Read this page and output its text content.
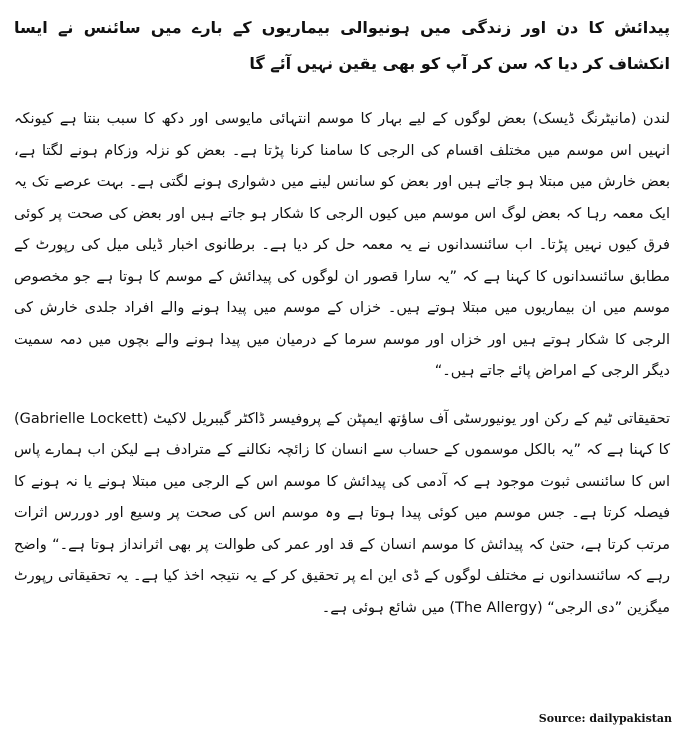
پیدائش کا دن اور زندگی میں ہونیوالی بیماریوں کے بارے میں سائنس نے ایسا انکشاف کر دیا کہ سن کر آپ کو بھی یقین نہیں آئے گا

لندن (مانیٹرنگ ڈیسک) بعض لوگوں کے لیے بہار کا موسم انتہائی مایوسی اور دکھ کا سبب بنتا ہے کیونکہ انہیں اس موسم میں مختلف اقسام کی الرجی کا سامنا کرنا پڑتا ہے۔ بعض کو نزلہ وزکام ہونے لگتا ہے، بعض خارش میں مبتلا ہو جاتے ہیں اور بعض کو سانس لینے میں دشواری ہونے لگتی ہے۔ بہت عرصے تک یہ ایک معمہ رہا کہ بعض لوگ اس موسم میں کیوں الرجی کا شکار ہو جاتے ہیں اور بعض کی صحت پر کوئی فرق کیوں نہیں پڑتا۔ اب سائنسدانوں نے یہ معمہ حل کر دیا ہے۔ برطانوی اخبار ڈیلی میل کی رپورٹ کے مطابق سائنسدانوں کا کہنا ہے کہ ”یہ سارا قصور ان لوگوں کی پیدائش کے موسم کا ہوتا ہے جو مخصوص موسم میں ان بیماریوں میں مبتلا ہوتے ہیں۔ خزاں کے موسم میں پیدا ہونے والے افراد جلدی خارش کی الرجی کا شکار ہوتے ہیں اور خزاں اور موسم سرما کے درمیان میں پیدا ہونے والے بچوں میں دمہ سمیت دیگر الرجی کے امراض پائے جاتے ہیں۔“

تحقیقاتی ٹیم کے رکن اور یونیورسٹی آف ساﺅتھ ایمپٹن کے پروفیسر ڈاکٹر گیبریل لاکیٹ (Gabrielle Lockett) کا کہنا ہے کہ ”یہ بالکل موسموں کے حساب سے انسان کا زائچہ نکالنے کے مترادف ہے لیکن اب ہمارے پاس اس کا سائنسی ثبوت موجود ہے کہ آدمی کی پیدائش کا موسم اس کے الرجی میں مبتلا ہونے یا نہ ہونے کا فیصلہ کرتا ہے۔ جس موسم میں کوئی پیدا ہوتا ہے وہ موسم اس کی صحت پر وسیع اور دوررس اثرات مرتب کرتا ہے، حتیٰ کہ پیدائش کا موسم انسان کے قد اور عمر کی طوالت پر بھی اثرانداز ہوتا ہے۔“ واضح رہے کہ سائنسدانوں نے مختلف لوگوں کے ڈی این اے پر تحقیق کر کے یہ نتیجہ اخذ کیا ہے۔ یہ تحقیقاتی رپورٹ میگزین ”دی الرجی“ (The Allergy) میں شائع ہوئی ہے۔

Source: dailypakistan
